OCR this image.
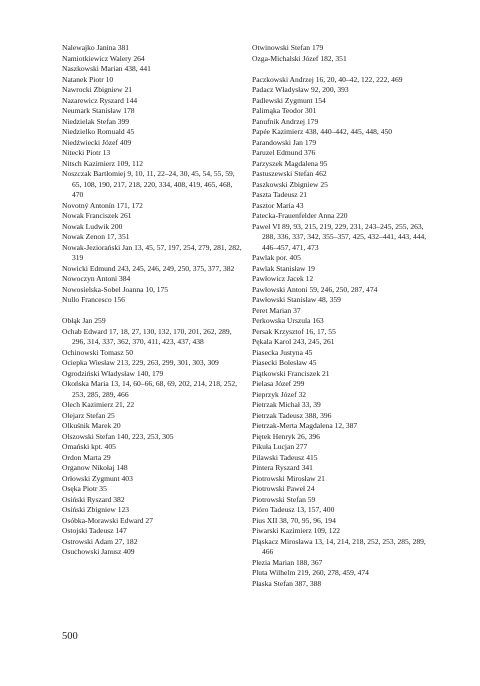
Nalewajko Janina 381
Namiotkiewicz Walery 264
Naszkowski Marian 438, 441
Natanek Piotr 10
Nawrocki Zbigniew 21
Nazarewicz Ryszard 144
Neumark Stanisław 178
Niedzielak Stefan 399
Niedzielko Romuald 45
Niedźwiecki Józef 409
Nitecki Piotr 13
Nitsch Kazimierz 109, 112
Noszczak Bartłomiej 9, 10, 11, 22–24, 30, 45, 54, 55, 59, 65, 108, 190, 217, 218, 220, 334, 408, 419, 465, 468, 470
Novotný Antonín 171, 172
Nowak Franciszek 261
Nowak Ludwik 200
Nowak Zenon 17, 351
Nowak-Jeziorański Jan 13, 45, 57, 197, 254, 279, 281, 282, 319
Nowicki Edmund 243, 245, 246, 249, 250, 375, 377, 382
Nowoczyn Antoni 384
Nowosielska-Sobel Joanna 10, 175
Nullo Francesco 156
Obłąk Jan 259
Ochab Edward 17, 18, 27, 130, 132, 170, 201, 262, 289, 296, 314, 337, 362, 370, 411, 423, 437, 438
Ochinowski Tomasz 50
Ociepka Wiesław 213, 229, 263, 299, 301, 303, 309
Ogrodziński Władysław 140, 179
Okońska Maria 13, 14, 60–66, 68, 69, 202, 214, 218, 252, 253, 285, 289, 466
Olech Kazimierz 21, 22
Olejarz Stefan 25
Olkuśnik Marek 20
Olszowski Stefan 140, 223, 253, 305
Omański kpt. 405
Ordon Marta 29
Organow Nikołaj 148
Orłowski Zygmunt 403
Osęka Piotr 35
Osiński Ryszard 382
Osiński Zbigniew 123
Osóbka-Morawski Edward 27
Ostojski Tadeusz 147
Ostrowski Adam 27, 182
Osuchowski Janusz 409
Otwinowski Stefan 179
Ozga-Michalski Józef 182, 351
Paczkowski Andrzej 16, 20, 40–42, 122, 222, 469
Padacz Władysław 92, 200, 393
Padlewski Zygmunt 154
Palimąka Teodor 301
Panufnik Andrzej 179
Papée Kazimierz 438, 440–442, 445, 448, 450
Parandowski Jan 179
Paruzel Edmund 376
Parzyszek Magdalena 95
Pastuszewski Stefan 462
Paszkowski Zbigniew 25
Paszta Tadeusz 21
Pasztor Maria 43
Patecka-Frauenfelder Anna 220
Paweł VI 89, 93, 215, 219, 229, 231, 243–245, 255, 263, 288, 336, 337, 342, 355–357, 425, 432–441, 443, 444, 446–457, 471, 473
Pawlak por. 405
Pawlak Stanisław 19
Pawłowicz Jacek 12
Pawłowski Antoni 59, 246, 250, 287, 474
Pawłowski Stanisław 48, 359
Peret Marian 37
Perkowska Urszula 163
Persak Krzysztof 16, 17, 55
Pękala Karol 243, 245, 261
Piasecka Justyna 45
Piasecki Bolesław 45
Piątkowski Franciszek 21
Pielasa Józef 299
Pieprzyk Józef 32
Pietrzak Michał 33, 39
Pietrzak Tadeusz 388, 396
Pietrzak-Merta Magdalena 12, 387
Piętek Henryk 26, 396
Pikuła Lucjan 277
Pilawski Tadeusz 415
Pintera Ryszard 341
Piotrowski Mirosław 21
Piotrowski Paweł 24
Piotrowski Stefan 59
Pióro Tadeusz 13, 157, 400
Pius XII 38, 70, 95, 96, 194
Piwarski Kazimierz 109, 122
Pląskacz Mirosława 13, 14, 214, 218, 252, 253, 285, 289, 466
Plezia Marian 188, 367
Pluta Wilhelm 219, 260, 278, 459, 474
Płaska Stefan 387, 388
500
